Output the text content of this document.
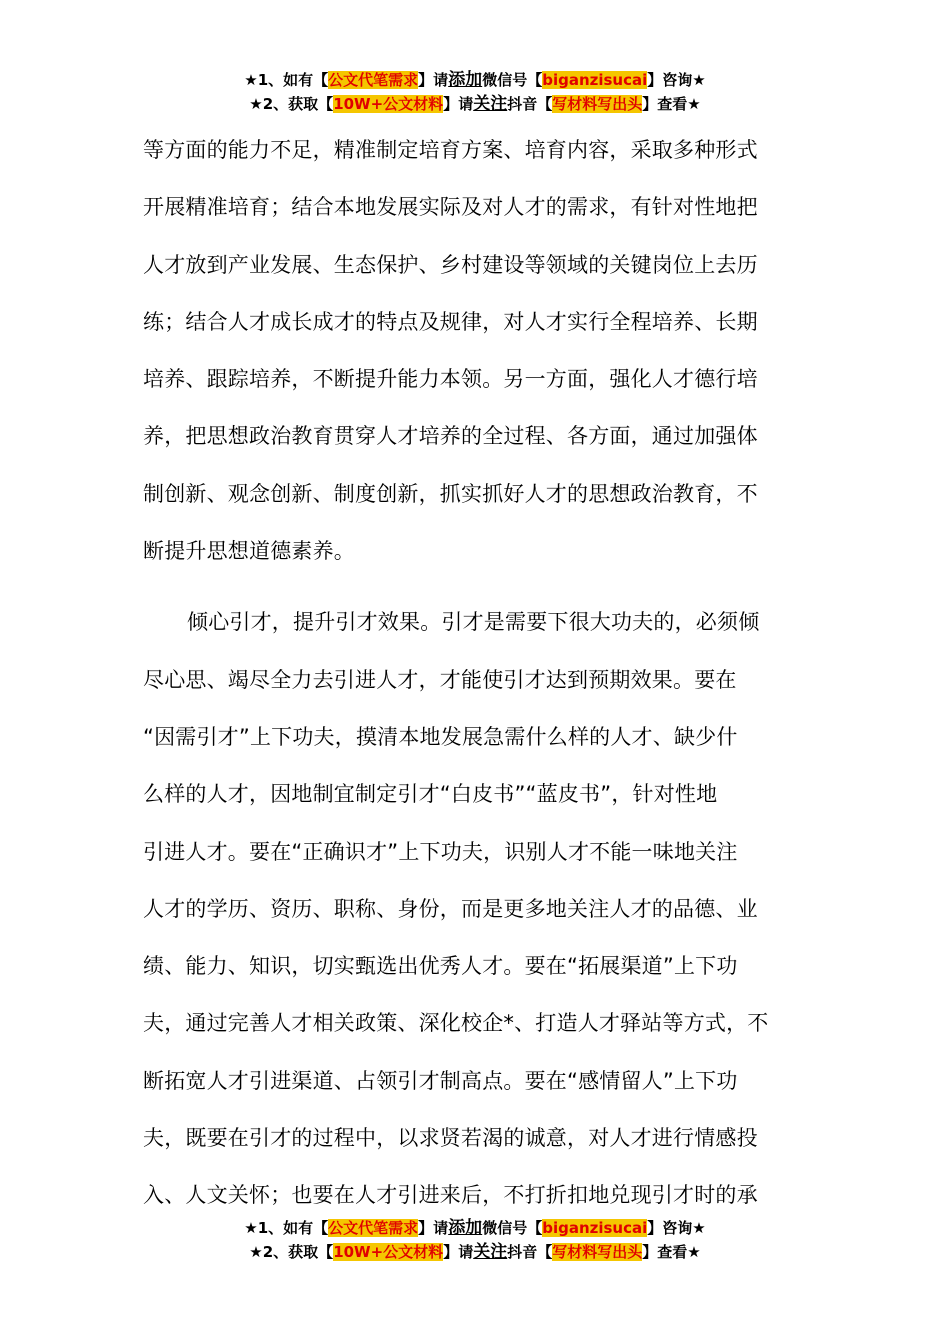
★1、如有【公文代笔需求】请添加微信号【biganzisucai】咨询★
★2、获取【10W+公文材料】请关注抖音【写材料写出头】查看★

等方面的能力不足，精准制定培育方案、培育内容，采取多种形式
开展精准培育；结合本地发展实际及对人才的需求，有针对性地把
人才放到产业发展、生态保护、乡村建设等领域的关键岗位上去历
练；结合人才成长成才的特点及规律，对人才实行全程培养、长期
培养、跟踪培养，不断提升能力本领。另一方面，强化人才德行培
养，把思想政治教育贯穿人才培养的全过程、各方面，通过加强体
制创新、观念创新、制度创新，抓实抓好人才的思想政治教育，不
断提升思想道德素养。

倾心引才，提升引才效果。引才是需要下很大功夫的，必须倾
尽心思、竭尽全力去引进人才，才能使引才达到预期效果。要在
“因需引才”上下功夫，摸清本地发展急需什么样的人才、缺少什
么样的人才，因地制宜制定引才“白皮书”“蓝皮书”，针对性地
引进人才。要在“正确识才”上下功夫，识别人才不能一味地关注
人才的学历、资历、职称、身份，而是更多地关注人才的品德、业
绩、能力、知识，切实甄选出优秀人才。要在“拓展渠道”上下功
夫，通过完善人才相关政策、深化校企*、打造人才驿站等方式，不
断拓宽人才引进渠道、占领引才制高点。要在“感情留人”上下功
夫，既要在引才的过程中，以求贤若渴的诚意，对人才进行情感投
入、人文关怀；也要在人才引进来后，不打折扣地兑现引才时的承

★1、如有【公文代笔需求】请添加微信号【biganzisucai】咨询★
★2、获取【10W+公文材料】请关注抖音【写材料写出头】查看★
